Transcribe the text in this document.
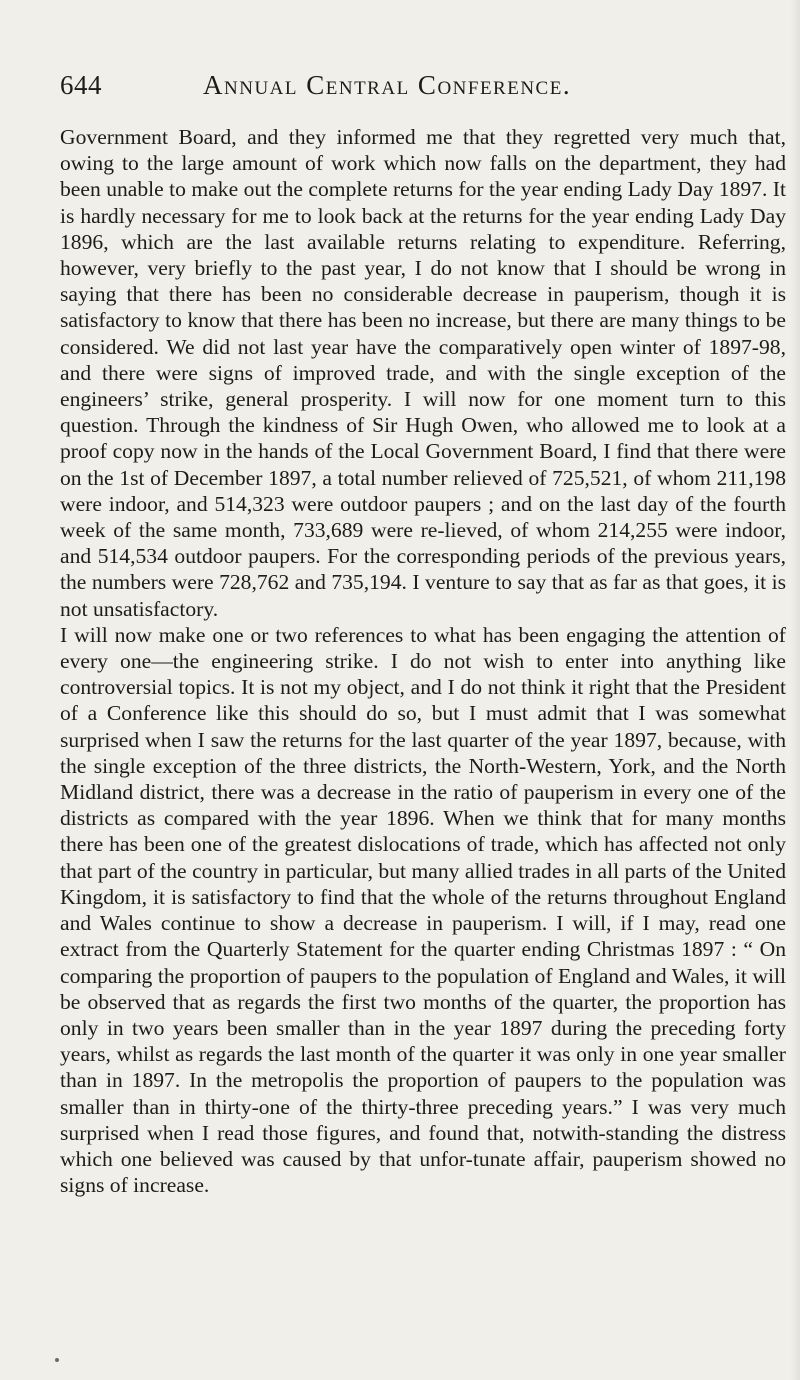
644	Annual Central Conference.

Government Board, and they informed me that they regretted very much that, owing to the large amount of work which now falls on the department, they had been unable to make out the complete returns for the year ending Lady Day 1897. It is hardly necessary for me to look back at the returns for the year ending Lady Day 1896, which are the last available returns relating to expenditure. Referring, however, very briefly to the past year, I do not know that I should be wrong in saying that there has been no considerable decrease in pauperism, though it is satisfactory to know that there has been no increase, but there are many things to be considered. We did not last year have the comparatively open winter of 1897-98, and there were signs of improved trade, and with the single exception of the engineers’ strike, general prosperity. I will now for one moment turn to this question. Through the kindness of Sir Hugh Owen, who allowed me to look at a proof copy now in the hands of the Local Government Board, I find that there were on the 1st of December 1897, a total number relieved of 725,521, of whom 211,198 were indoor, and 514,323 were outdoor paupers ; and on the last day of the fourth week of the same month, 733,689 were re-lieved, of whom 214,255 were indoor, and 514,534 outdoor paupers. For the corresponding periods of the previous years, the numbers were 728,762 and 735,194. I venture to say that as far as that goes, it is not unsatisfactory.

I will now make one or two references to what has been engaging the attention of every one—the engineering strike. I do not wish to enter into anything like controversial topics. It is not my object, and I do not think it right that the President of a Conference like this should do so, but I must admit that I was somewhat surprised when I saw the returns for the last quarter of the year 1897, because, with the single exception of the three districts, the North-Western, York, and the North Midland district, there was a decrease in the ratio of pauperism in every one of the districts as compared with the year 1896. When we think that for many months there has been one of the greatest dislocations of trade, which has affected not only that part of the country in particular, but many allied trades in all parts of the United Kingdom, it is satisfactory to find that the whole of the returns throughout England and Wales continue to show a decrease in pauperism. I will, if I may, read one extract from the Quarterly Statement for the quarter ending Christmas 1897 : “ On comparing the proportion of paupers to the population of England and Wales, it will be observed that as regards the first two months of the quarter, the proportion has only in two years been smaller than in the year 1897 during the preceding forty years, whilst as regards the last month of the quarter it was only in one year smaller than in 1897. In the metropolis the proportion of paupers to the population was smaller than in thirty-one of the thirty-three preceding years.” I was very much surprised when I read those figures, and found that, notwith-standing the distress which one believed was caused by that unfor-tunate affair, pauperism showed no signs of increase.
